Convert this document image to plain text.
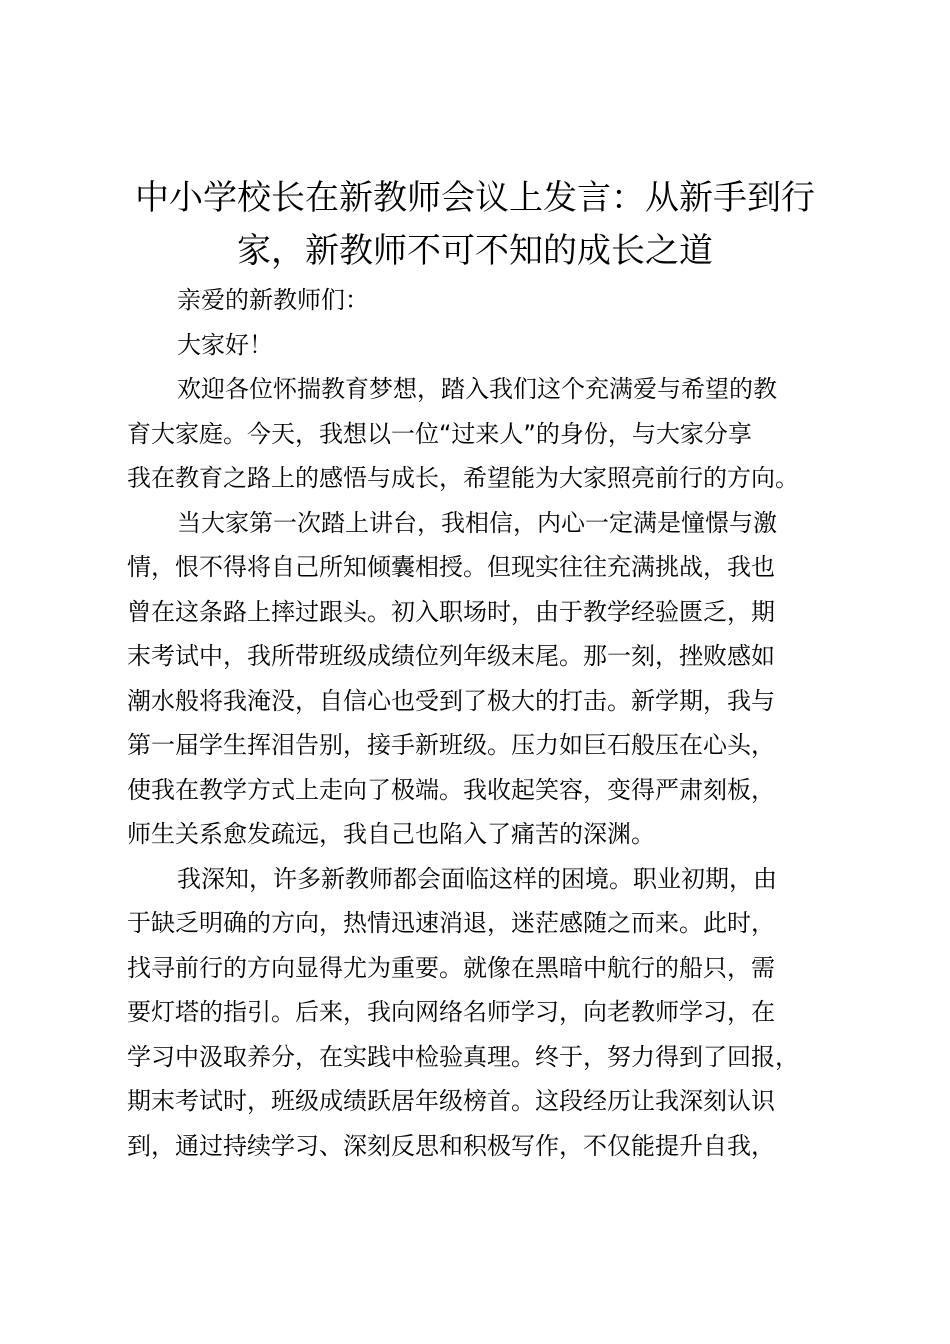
中小学校长在新教师会议上发言：从新手到行
家，新教师不可不知的成长之道
亲爱的新教师们：
大家好！
欢迎各位怀揣教育梦想，踏入我们这个充满爱与希望的教
育大家庭。今天，我想以一位“过来人”的身份，与大家分享
我在教育之路上的感悟与成长，希望能为大家照亮前行的方向。
当大家第一次踏上讲台，我相信，内心一定满是憧憬与激
情，恨不得将自己所知倾囊相授。但现实往往充满挑战，我也
曾在这条路上摔过跟头。初入职场时，由于教学经验匮乏，期
末考试中，我所带班级成绩位列年级末尾。那一刻，挫败感如
潮水般将我淹没，自信心也受到了极大的打击。新学期，我与
第一届学生挥泪告别，接手新班级。压力如巨石般压在心头，
使我在教学方式上走向了极端。我收起笑容，变得严肃刻板，
师生关系愈发疏远，我自己也陷入了痛苦的深渊。
我深知，许多新教师都会面临这样的困境。职业初期，由
于缺乏明确的方向，热情迅速消退，迷茫感随之而来。此时，
找寻前行的方向显得尤为重要。就像在黑暗中航行的船只，需
要灯塔的指引。后来，我向网络名师学习，向老教师学习，在
学习中汲取养分，在实践中检验真理。终于，努力得到了回报，
期末考试时，班级成绩跃居年级榜首。这段经历让我深刻认识
到，通过持续学习、深刻反思和积极写作，不仅能提升自我，
